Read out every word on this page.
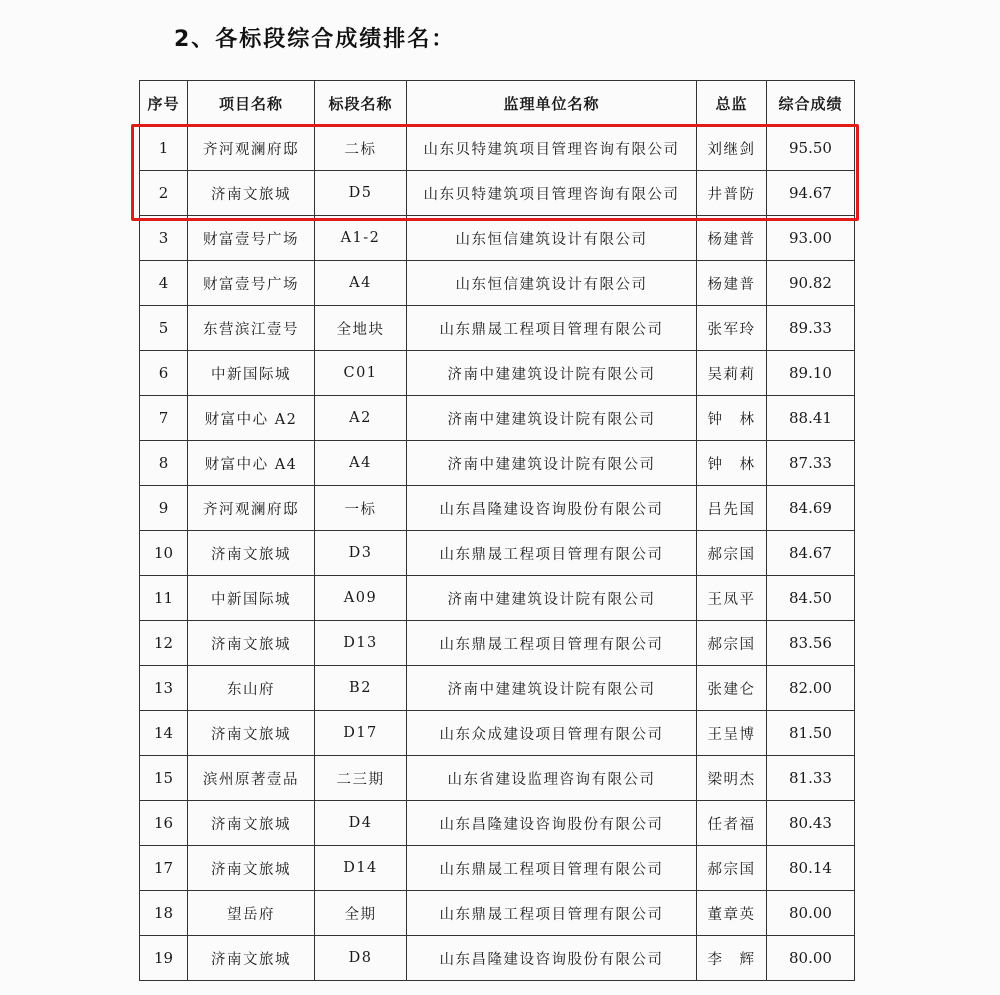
2、各标段综合成绩排名：
序号	项目名称	标段名称	监理单位名称	总监	综合成绩
1	齐河观澜府邸	二标	山东贝特建筑项目管理咨询有限公司	刘继剑	95.50
2	济南文旅城	D5	山东贝特建筑项目管理咨询有限公司	井普防	94.67
3	财富壹号广场	A1-2	山东恒信建筑设计有限公司	杨建普	93.00
4	财富壹号广场	A4	山东恒信建筑设计有限公司	杨建普	90.82
5	东营滨江壹号	全地块	山东鼎晟工程项目管理有限公司	张军玲	89.33
6	中新国际城	C01	济南中建建筑设计院有限公司	吴莉莉	89.10
7	财富中心 A2	A2	济南中建建筑设计院有限公司	钟　林	88.41
8	财富中心 A4	A4	济南中建建筑设计院有限公司	钟　林	87.33
9	齐河观澜府邸	一标	山东昌隆建设咨询股份有限公司	吕先国	84.69
10	济南文旅城	D3	山东鼎晟工程项目管理有限公司	郝宗国	84.67
11	中新国际城	A09	济南中建建筑设计院有限公司	王凤平	84.50
12	济南文旅城	D13	山东鼎晟工程项目管理有限公司	郝宗国	83.56
13	东山府	B2	济南中建建筑设计院有限公司	张建仑	82.00
14	济南文旅城	D17	山东众成建设项目管理有限公司	王呈博	81.50
15	滨州原著壹品	二三期	山东省建设监理咨询有限公司	梁明杰	81.33
16	济南文旅城	D4	山东昌隆建设咨询股份有限公司	任者福	80.43
17	济南文旅城	D14	山东鼎晟工程项目管理有限公司	郝宗国	80.14
18	望岳府	全期	山东鼎晟工程项目管理有限公司	董章英	80.00
19	济南文旅城	D8	山东昌隆建设咨询股份有限公司	李　辉	80.00
